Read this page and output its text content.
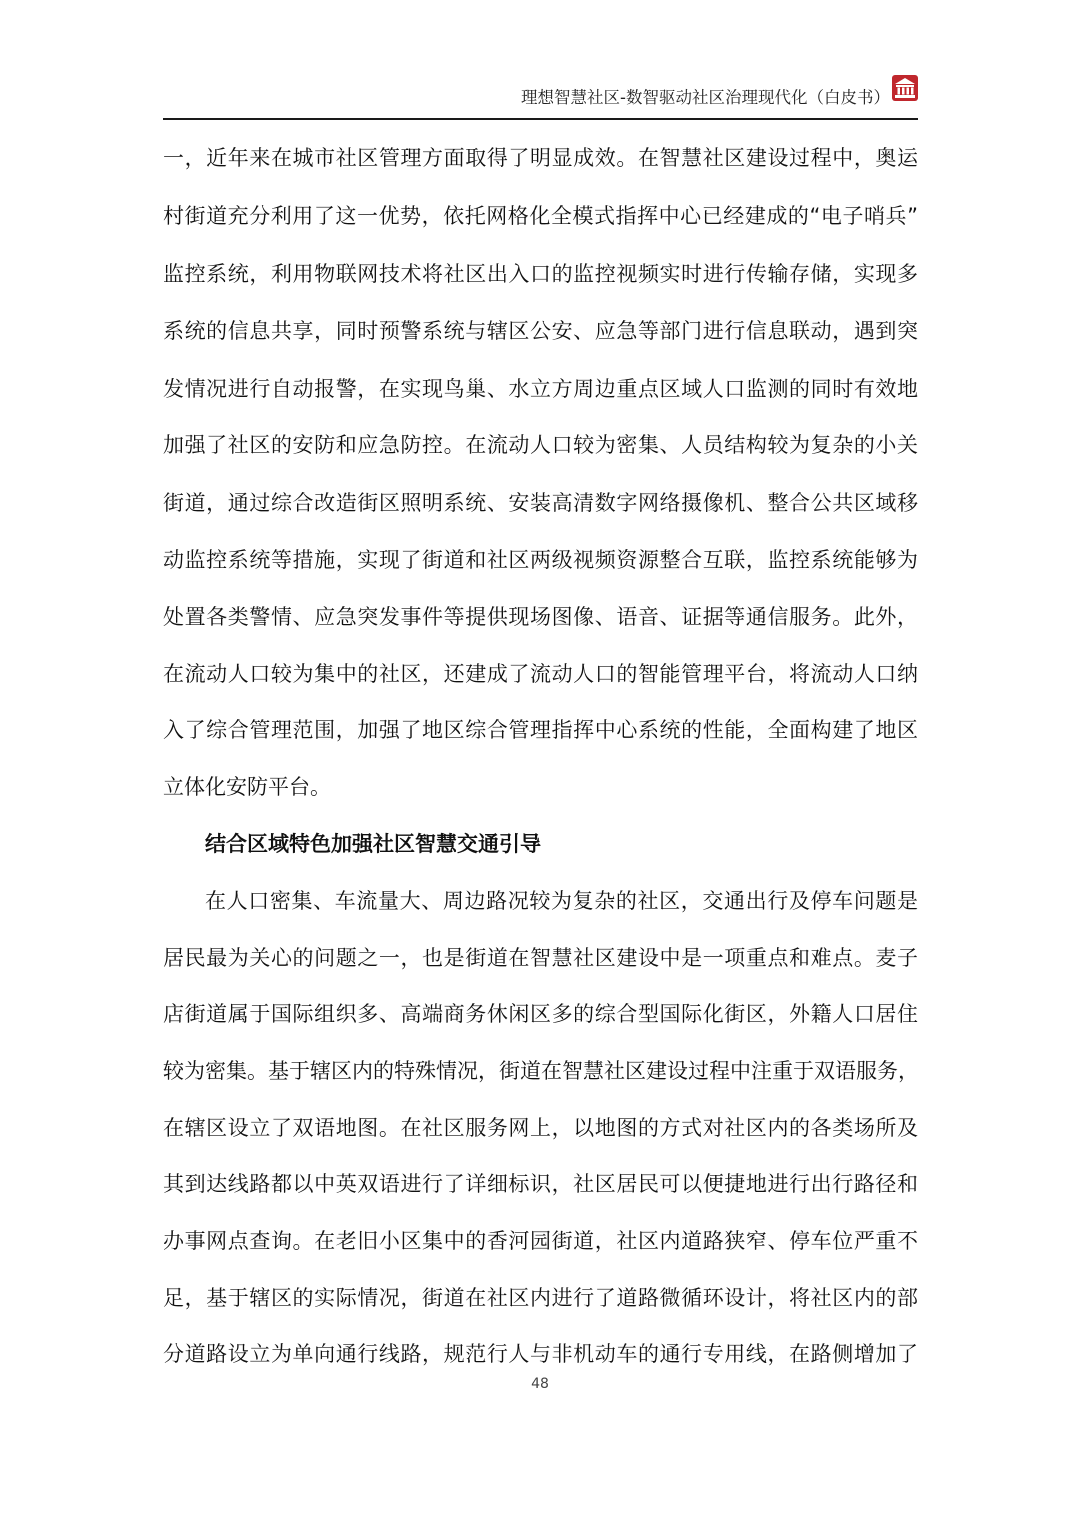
理想智慧社区-数智驱动社区治理现代化（白皮书）
一，近年来在城市社区管理方面取得了明显成效。在智慧社区建设过程中，奥运
村街道充分利用了这一优势，依托网格化全模式指挥中心已经建成的“电子哨兵”
监控系统，利用物联网技术将社区出入口的监控视频实时进行传输存储，实现多
系统的信息共享，同时预警系统与辖区公安、应急等部门进行信息联动，遇到突
发情况进行自动报警，在实现鸟巢、水立方周边重点区域人口监测的同时有效地
加强了社区的安防和应急防控。在流动人口较为密集、人员结构较为复杂的小关
街道，通过综合改造街区照明系统、安装高清数字网络摄像机、整合公共区域移
动监控系统等措施，实现了街道和社区两级视频资源整合互联，监控系统能够为
处置各类警情、应急突发事件等提供现场图像、语音、证据等通信服务。此外，
在流动人口较为集中的社区，还建成了流动人口的智能管理平台，将流动人口纳
入了综合管理范围，加强了地区综合管理指挥中心系统的性能，全面构建了地区
立体化安防平台。
结合区域特色加强社区智慧交通引导
在人口密集、车流量大、周边路况较为复杂的社区，交通出行及停车问题是
居民最为关心的问题之一，也是街道在智慧社区建设中是一项重点和难点。麦子
店街道属于国际组织多、高端商务休闲区多的综合型国际化街区，外籍人口居住
较为密集。基于辖区内的特殊情况，街道在智慧社区建设过程中注重于双语服务，
在辖区设立了双语地图。在社区服务网上，以地图的方式对社区内的各类场所及
其到达线路都以中英双语进行了详细标识，社区居民可以便捷地进行出行路径和
办事网点查询。在老旧小区集中的香河园街道，社区内道路狭窄、停车位严重不
足，基于辖区的实际情况，街道在社区内进行了道路微循环设计，将社区内的部
分道路设立为单向通行线路，规范行人与非机动车的通行专用线，在路侧增加了
48
